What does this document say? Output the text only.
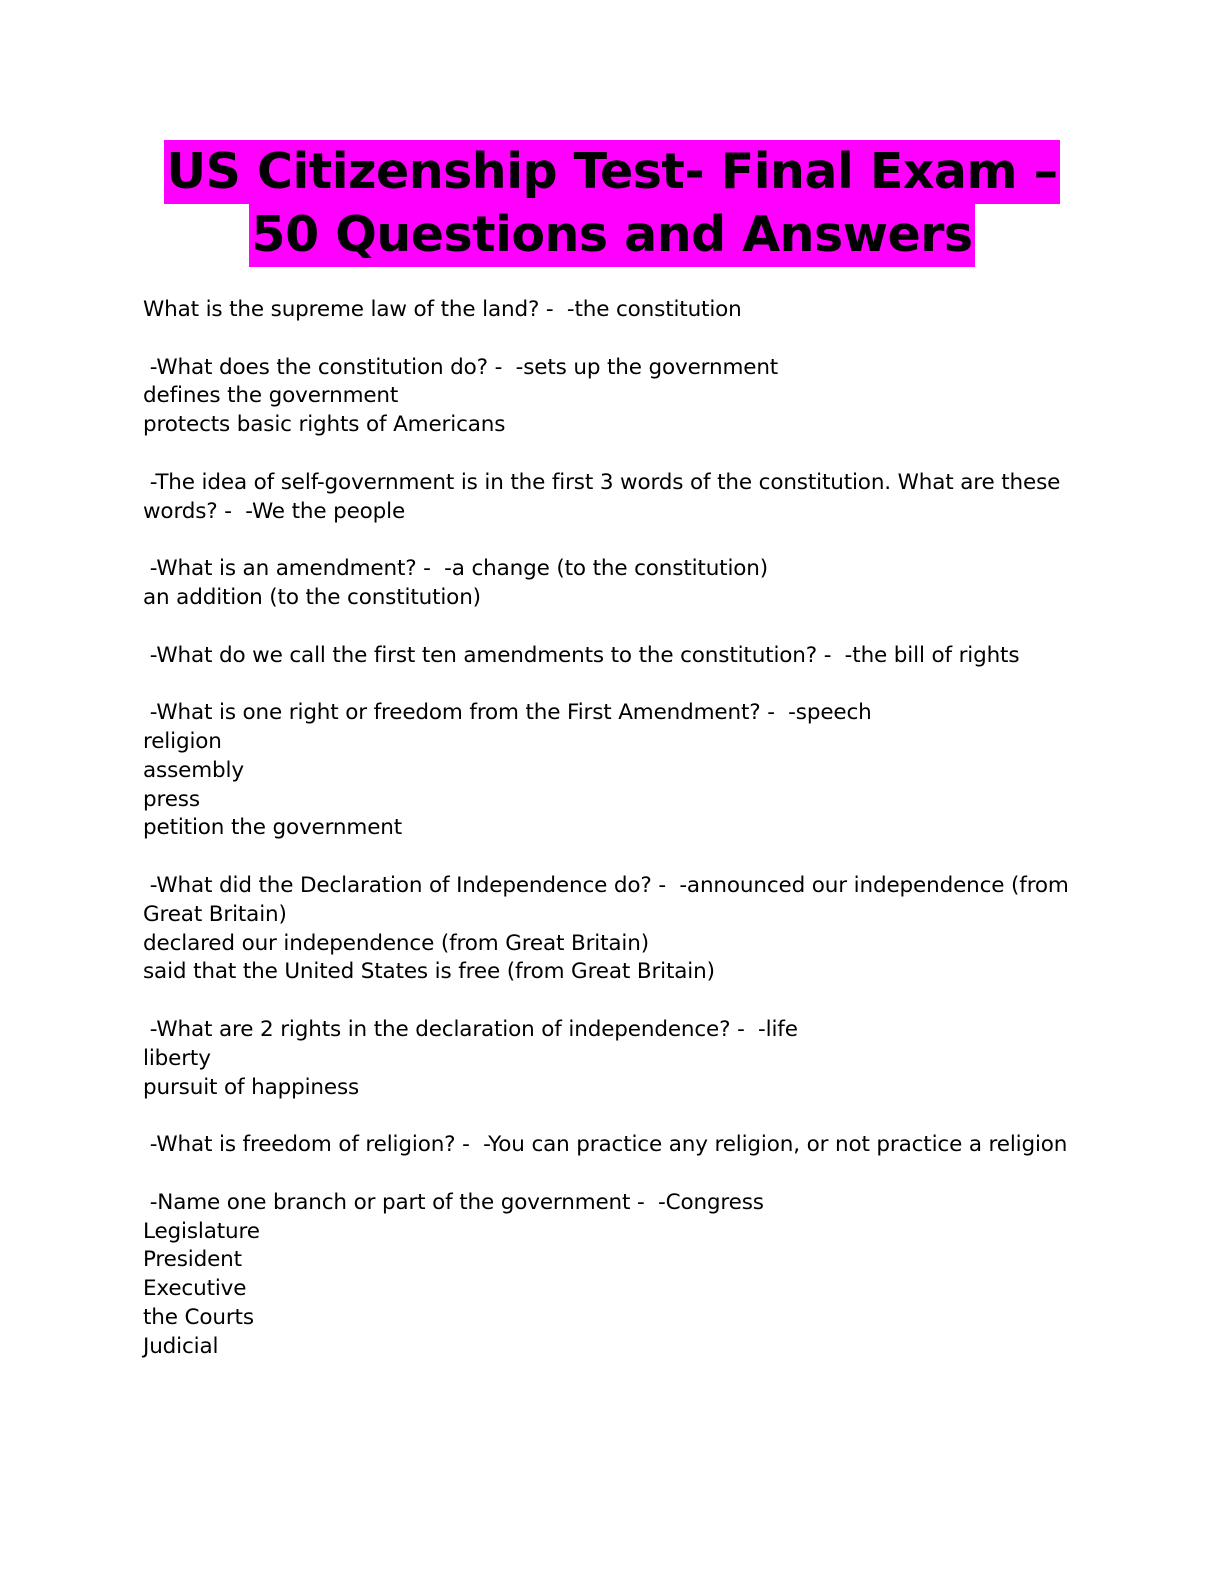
US Citizenship Test- Final Exam –
50 Questions and Answers
What is the supreme law of the land? -  -the constitution
-What does the constitution do? -  -sets up the government
defines the government
protects basic rights of Americans
-The idea of self-government is in the first 3 words of the constitution. What are these
words? -  -We the people
-What is an amendment? -  -a change (to the constitution)
an addition (to the constitution)
-What do we call the first ten amendments to the constitution? -  -the bill of rights
-What is one right or freedom from the First Amendment? -  -speech
religion
assembly
press
petition the government
-What did the Declaration of Independence do? -  -announced our independence (from
Great Britain)
declared our independence (from Great Britain)
said that the United States is free (from Great Britain)
-What are 2 rights in the declaration of independence? -  -life
liberty
pursuit of happiness
-What is freedom of religion? -  -You can practice any religion, or not practice a religion
-Name one branch or part of the government -  -Congress
Legislature
President
Executive
the Courts
Judicial
